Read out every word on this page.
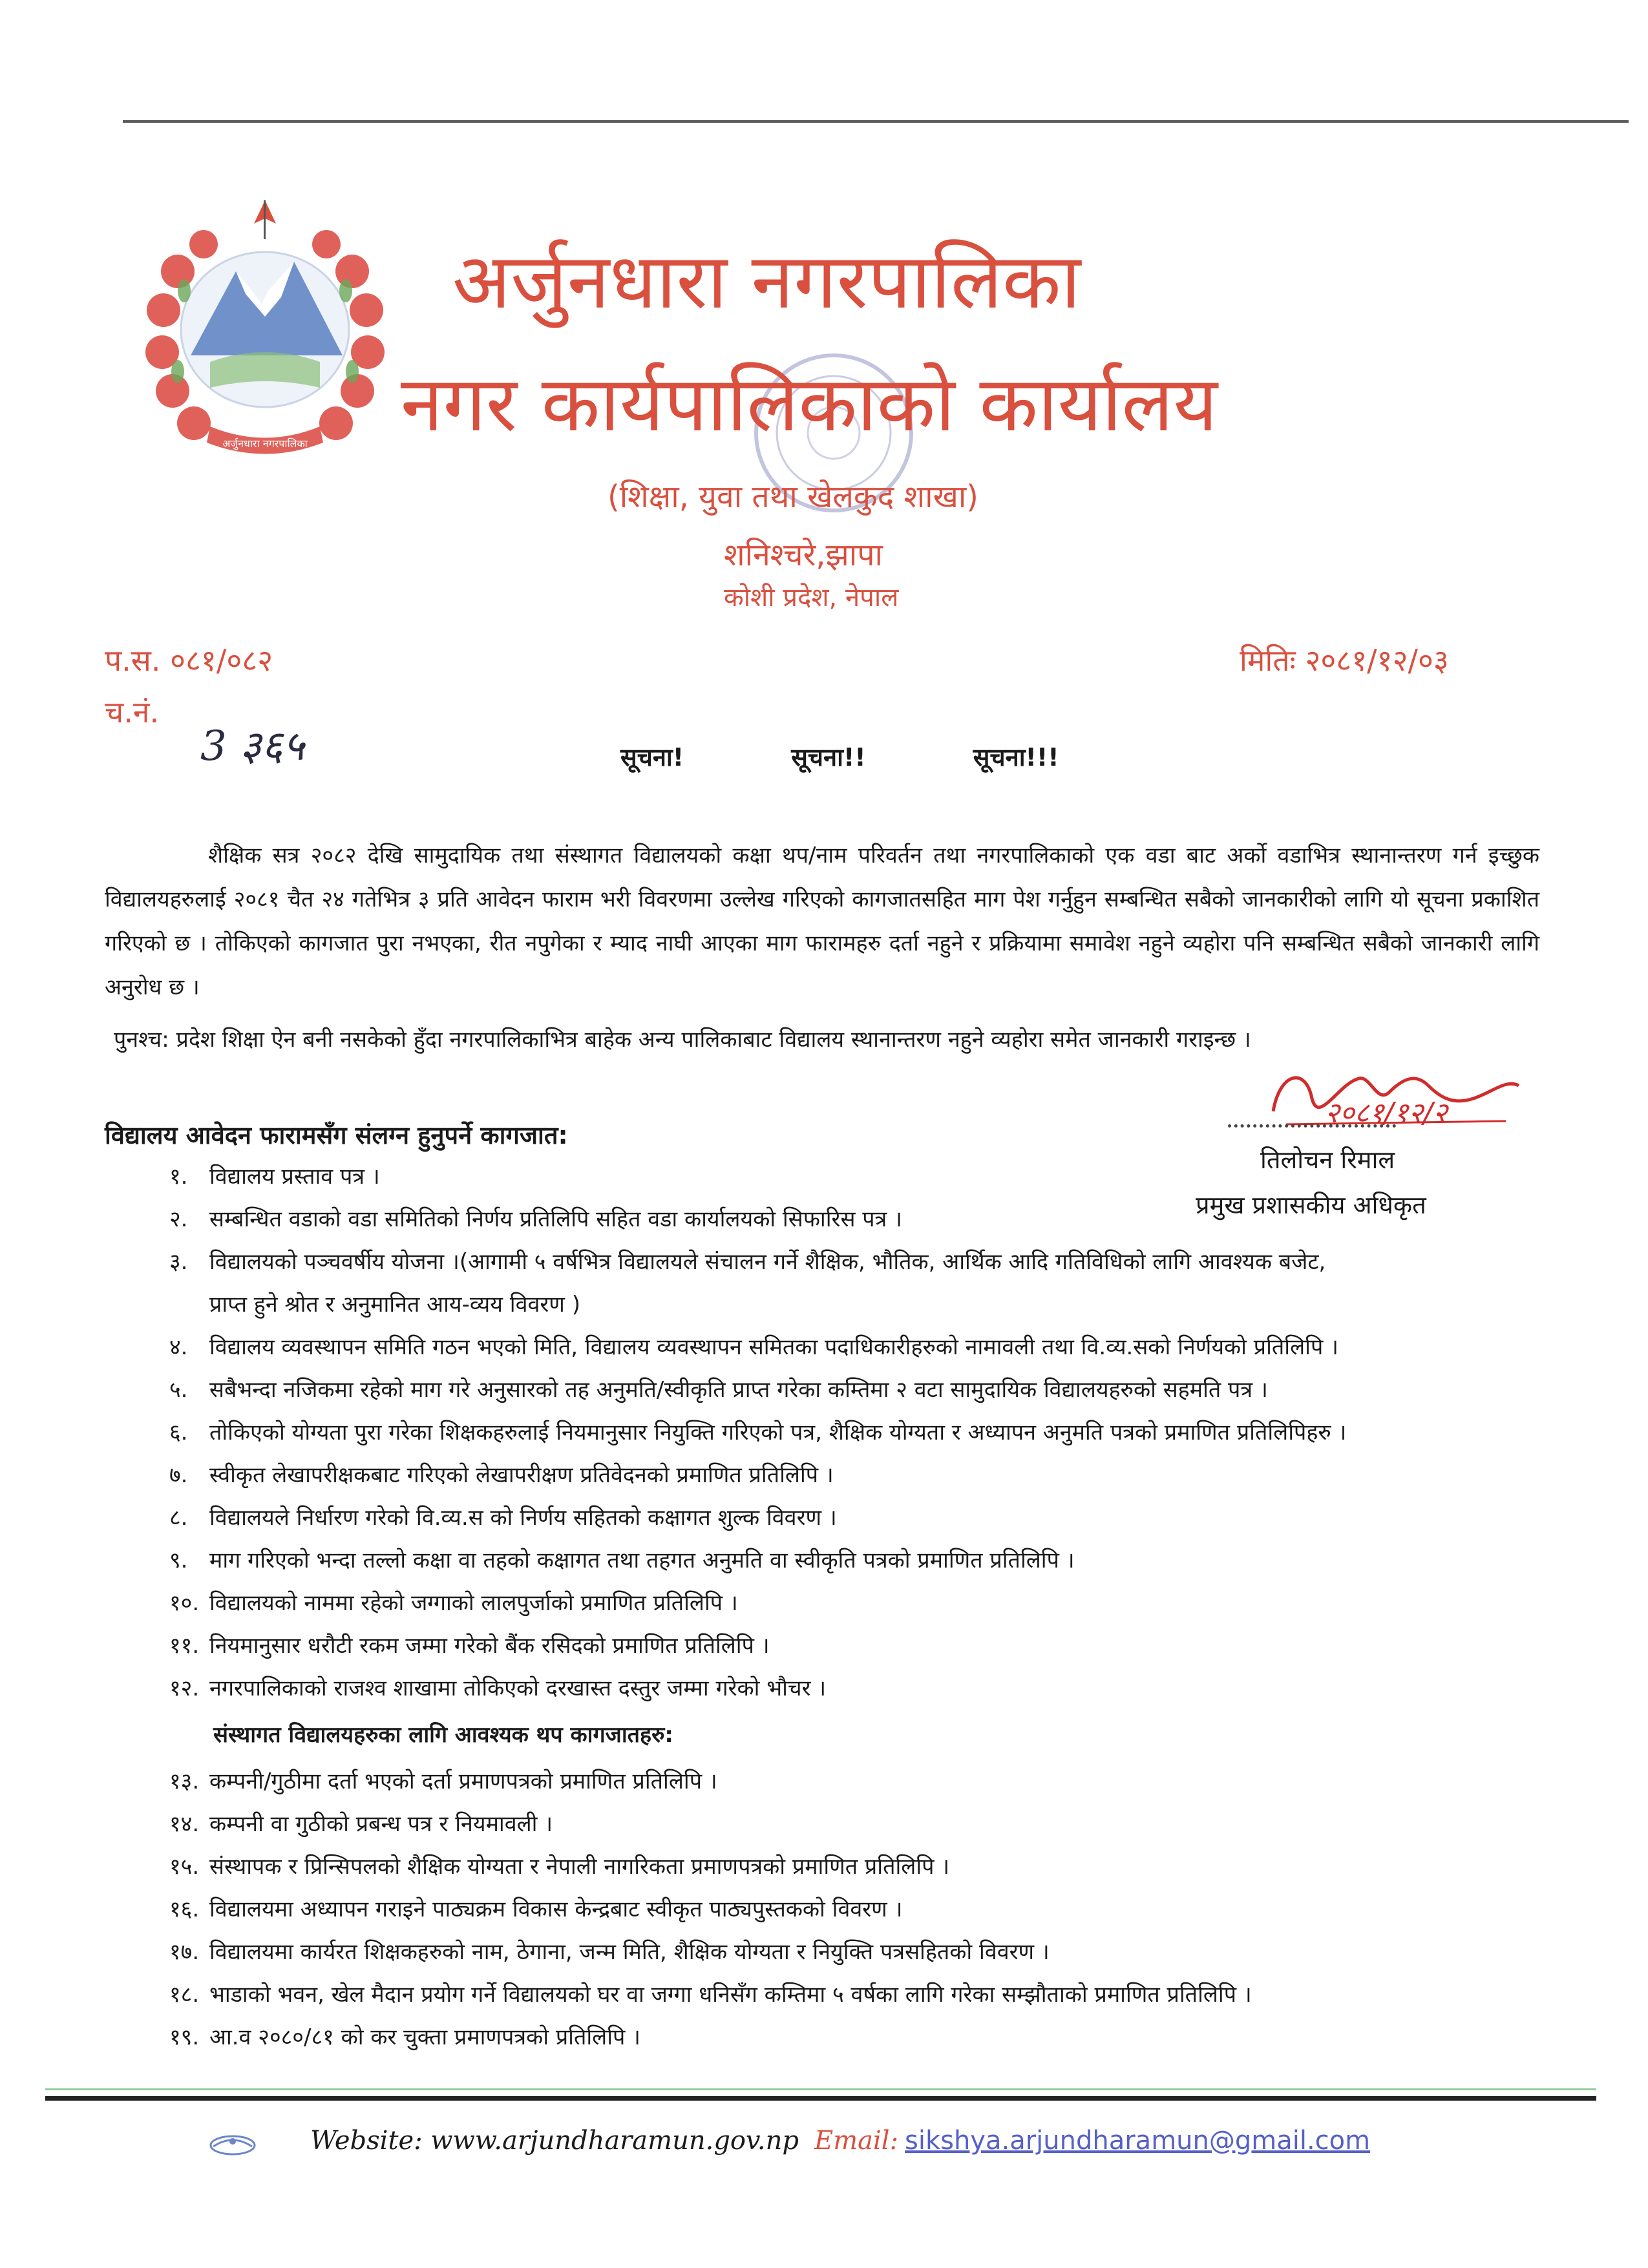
अर्जुनधारा नगरपालिका
अर्जुनधारा नगरपालिका
नगर कार्यपालिकाको कार्यालय
(शिक्षा, युवा तथा खेलकुद शाखा)
शनिश्चरे,झापा
कोशी प्रदेश, नेपाल
प.स. ०८१/०८२
च.नं.
3 ३६५
मितिः २०८१/१२/०३
सूचना!     सूचना!!     सूचना!!!
शैक्षिक सत्र २०८२ देखि सामुदायिक तथा संस्थागत विद्यालयको कक्षा थप/नाम परिवर्तन तथा नगरपालिकाको एक वडा बाट अर्को वडाभित्र स्थानान्तरण गर्न इच्छुक विद्यालयहरुलाई २०८१ चैत २४ गतेभित्र ३ प्रति आवेदन फाराम भरी विवरणमा उल्लेख गरिएको कागजातसहित माग पेश गर्नुहुन सम्बन्धित सबैको जानकारीको लागि यो सूचना प्रकाशित गरिएको छ । तोकिएको कागजात पुरा नभएका, रीत नपुगेका र म्याद नाघी आएका माग फारामहरु दर्ता नहुने र प्रक्रियामा समावेश नहुने व्यहोरा पनि सम्बन्धित सबैको जानकारी लागि अनुरोध छ ।
पुनश्च: प्रदेश शिक्षा ऐन बनी नसकेको हुँदा नगरपालिकाभित्र बाहेक अन्य पालिकाबाट विद्यालय स्थानान्तरण नहुने व्यहोरा समेत जानकारी गराइन्छ ।
विद्यालय आवेदन फारामसँग संलग्न हुनुपर्ने कागजात:
२०८१/१२/२
तिलोचन रिमाल
प्रमुख प्रशासकीय अधिकृत
१. विद्यालय प्रस्ताव पत्र ।
२. सम्बन्धित वडाको वडा समितिको निर्णय प्रतिलिपि सहित वडा कार्यालयको सिफारिस पत्र ।
३. विद्यालयको पञ्चवर्षीय योजना ।(आगामी ५ वर्षभित्र विद्यालयले संचालन गर्ने शैक्षिक, भौतिक, आर्थिक आदि गतिविधिको लागि आवश्यक बजेट,
प्राप्त हुने श्रोत र अनुमानित आय-व्यय विवरण )
४. विद्यालय व्यवस्थापन समिति गठन भएको मिति, विद्यालय व्यवस्थापन समितका पदाधिकारीहरुको नामावली तथा वि.व्य.सको निर्णयको प्रतिलिपि ।
५. सबैभन्दा नजिकमा रहेको माग गरे अनुसारको तह अनुमति/स्वीकृति प्राप्त गरेका कम्तिमा २ वटा सामुदायिक विद्यालयहरुको सहमति पत्र ।
६. तोकिएको योग्यता पुरा गरेका शिक्षकहरुलाई नियमानुसार नियुक्ति गरिएको पत्र, शैक्षिक योग्यता र अध्यापन अनुमति पत्रको प्रमाणित प्रतिलिपिहरु ।
७. स्वीकृत लेखापरीक्षकबाट गरिएको लेखापरीक्षण प्रतिवेदनको प्रमाणित प्रतिलिपि ।
८. विद्यालयले निर्धारण गरेको वि.व्य.स को निर्णय सहितको कक्षागत शुल्क विवरण ।
९. माग गरिएको भन्दा तल्लो कक्षा वा तहको कक्षागत तथा तहगत अनुमति वा स्वीकृति पत्रको प्रमाणित प्रतिलिपि ।
१०. विद्यालयको नाममा रहेको जग्गाको लालपुर्जाको प्रमाणित प्रतिलिपि ।
११. नियमानुसार धरौटी रकम जम्मा गरेको बैंक रसिदको प्रमाणित प्रतिलिपि ।
१२. नगरपालिकाको राजश्व शाखामा तोकिएको दरखास्त दस्तुर जम्मा गरेको भौचर ।
संस्थागत विद्यालयहरुका लागि आवश्यक थप कागजातहरु:
१३. कम्पनी/गुठीमा दर्ता भएको दर्ता प्रमाणपत्रको प्रमाणित प्रतिलिपि ।
१४. कम्पनी वा गुठीको प्रबन्ध पत्र र नियमावली ।
१५. संस्थापक र प्रिन्सिपलको शैक्षिक योग्यता र नेपाली नागरिकता प्रमाणपत्रको प्रमाणित प्रतिलिपि ।
१६. विद्यालयमा अध्यापन गराइने पाठ्यक्रम विकास केन्द्रबाट स्वीकृत पाठ्यपुस्तकको विवरण ।
१७. विद्यालयमा कार्यरत शिक्षकहरुको नाम, ठेगाना, जन्म मिति, शैक्षिक योग्यता र नियुक्ति पत्रसहितको विवरण ।
१८. भाडाको भवन, खेल मैदान प्रयोग गर्ने विद्यालयको घर वा जग्गा धनिसँग कम्तिमा ५ वर्षका लागि गरेका सम्झौताको प्रमाणित प्रतिलिपि ।
१९. आ.व २०८०/८१ को कर चुक्ता प्रमाणपत्रको प्रतिलिपि ।
Website: www.arjundharamun.gov.np Email: sikshya.arjundharamun@gmail.com
